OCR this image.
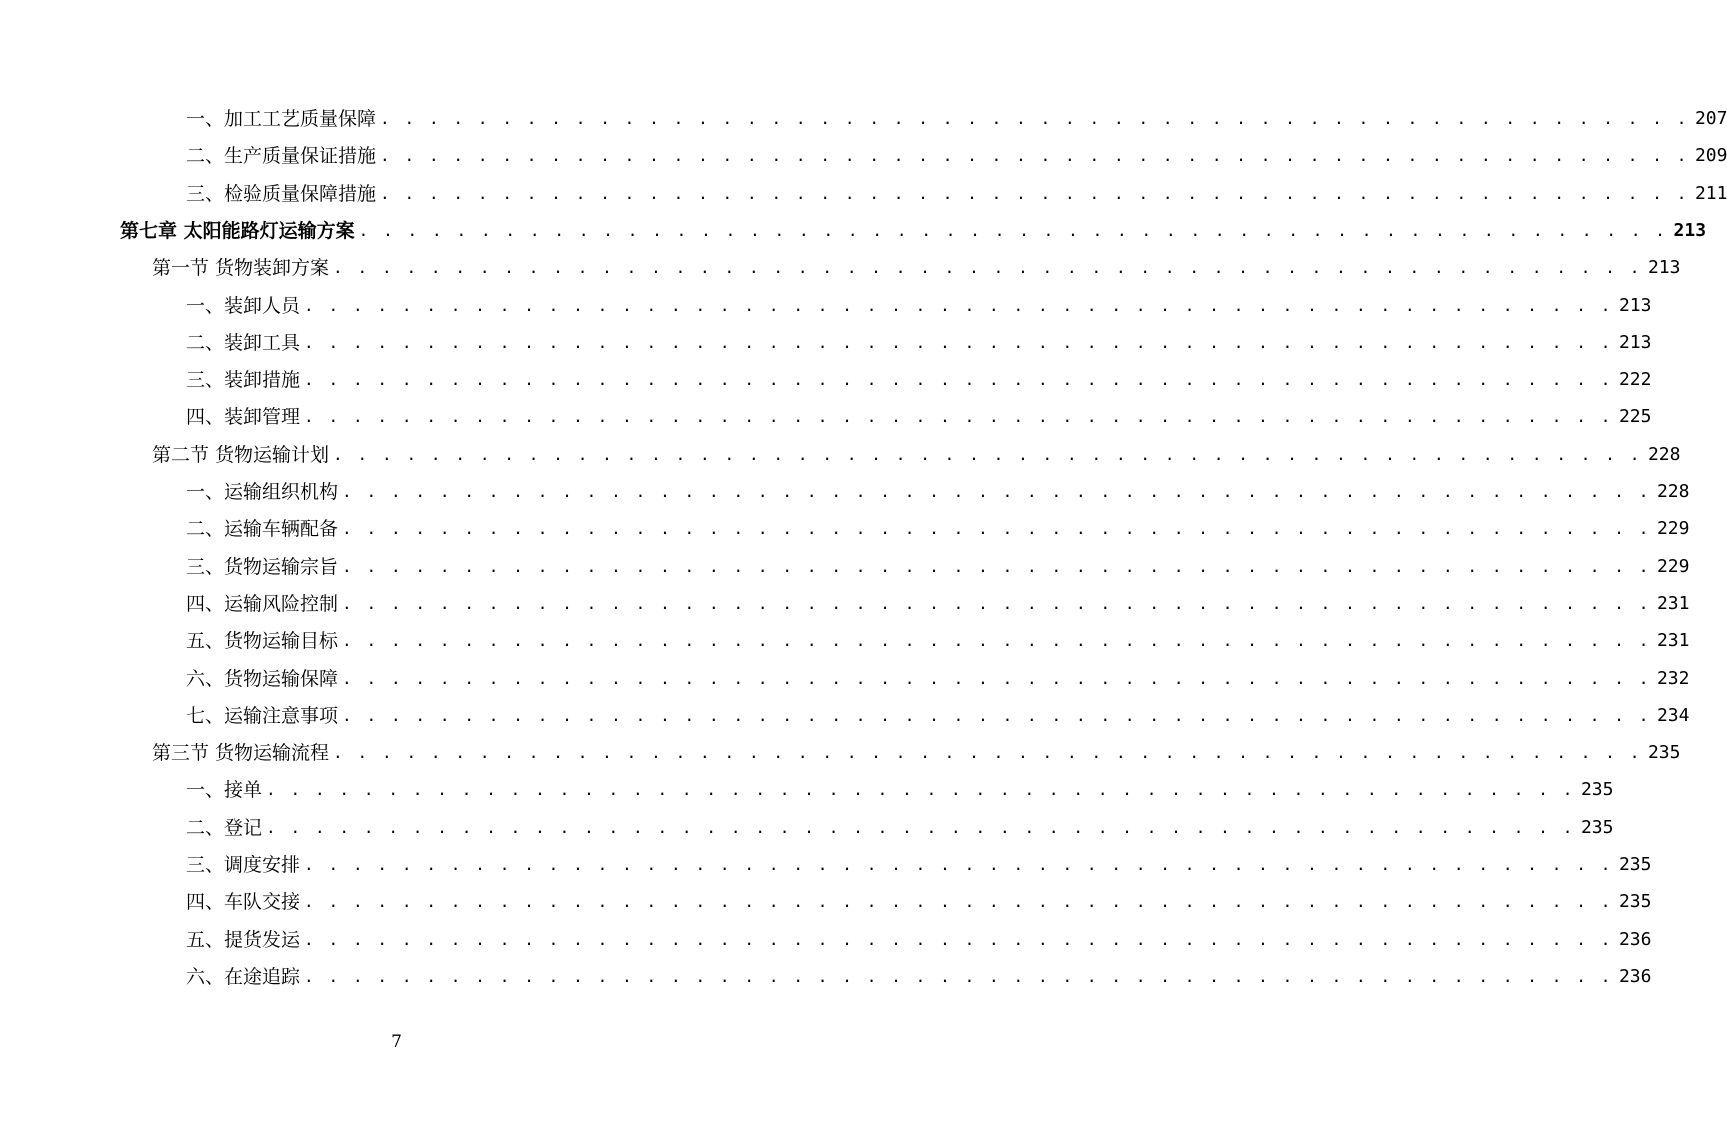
一、加工工艺质量保障 . . . . . . . . . . . . . . . . . . . . . . . . . . . . . . . . . . . . . . . . . . . . . . . . . . . . . . 207
二、生产质量保证措施 . . . . . . . . . . . . . . . . . . . . . . . . . . . . . . . . . . . . . . . . . . . . . . . . . . . . . . 209
三、检验质量保障措施 . . . . . . . . . . . . . . . . . . . . . . . . . . . . . . . . . . . . . . . . . . . . . . . . . . . . . . 211
第七章 太阳能路灯运输方案 . . . . . . . . . . . . . . . . . . . . . . . . . . . . . . . . . . . . . . . . . . . . . . . . . . . . . . 213
第一节 货物装卸方案 . . . . . . . . . . . . . . . . . . . . . . . . . . . . . . . . . . . . . . . . . . . . . . . . . . . . . . 213
一、装卸人员 . . . . . . . . . . . . . . . . . . . . . . . . . . . . . . . . . . . . . . . . . . . . . . . . . . . . . . 213
二、装卸工具 . . . . . . . . . . . . . . . . . . . . . . . . . . . . . . . . . . . . . . . . . . . . . . . . . . . . . . 213
三、装卸措施 . . . . . . . . . . . . . . . . . . . . . . . . . . . . . . . . . . . . . . . . . . . . . . . . . . . . . . 222
四、装卸管理 . . . . . . . . . . . . . . . . . . . . . . . . . . . . . . . . . . . . . . . . . . . . . . . . . . . . . . 225
第二节 货物运输计划 . . . . . . . . . . . . . . . . . . . . . . . . . . . . . . . . . . . . . . . . . . . . . . . . . . . . . . 228
一、运输组织机构 . . . . . . . . . . . . . . . . . . . . . . . . . . . . . . . . . . . . . . . . . . . . . . . . . . . . . . 228
二、运输车辆配备 . . . . . . . . . . . . . . . . . . . . . . . . . . . . . . . . . . . . . . . . . . . . . . . . . . . . . . 229
三、货物运输宗旨 . . . . . . . . . . . . . . . . . . . . . . . . . . . . . . . . . . . . . . . . . . . . . . . . . . . . . . 229
四、运输风险控制 . . . . . . . . . . . . . . . . . . . . . . . . . . . . . . . . . . . . . . . . . . . . . . . . . . . . . . 231
五、货物运输目标 . . . . . . . . . . . . . . . . . . . . . . . . . . . . . . . . . . . . . . . . . . . . . . . . . . . . . . 231
六、货物运输保障 . . . . . . . . . . . . . . . . . . . . . . . . . . . . . . . . . . . . . . . . . . . . . . . . . . . . . . 232
七、运输注意事项 . . . . . . . . . . . . . . . . . . . . . . . . . . . . . . . . . . . . . . . . . . . . . . . . . . . . . . 234
第三节 货物运输流程 . . . . . . . . . . . . . . . . . . . . . . . . . . . . . . . . . . . . . . . . . . . . . . . . . . . . . . 235
一、接单 . . . . . . . . . . . . . . . . . . . . . . . . . . . . . . . . . . . . . . . . . . . . . . . . . . . . . . 235
二、登记 . . . . . . . . . . . . . . . . . . . . . . . . . . . . . . . . . . . . . . . . . . . . . . . . . . . . . . 235
三、调度安排 . . . . . . . . . . . . . . . . . . . . . . . . . . . . . . . . . . . . . . . . . . . . . . . . . . . . . . 235
四、车队交接 . . . . . . . . . . . . . . . . . . . . . . . . . . . . . . . . . . . . . . . . . . . . . . . . . . . . . . 235
五、提货发运 . . . . . . . . . . . . . . . . . . . . . . . . . . . . . . . . . . . . . . . . . . . . . . . . . . . . . . 236
六、在途追踪 . . . . . . . . . . . . . . . . . . . . . . . . . . . . . . . . . . . . . . . . . . . . . . . . . . . . . . 236
7
